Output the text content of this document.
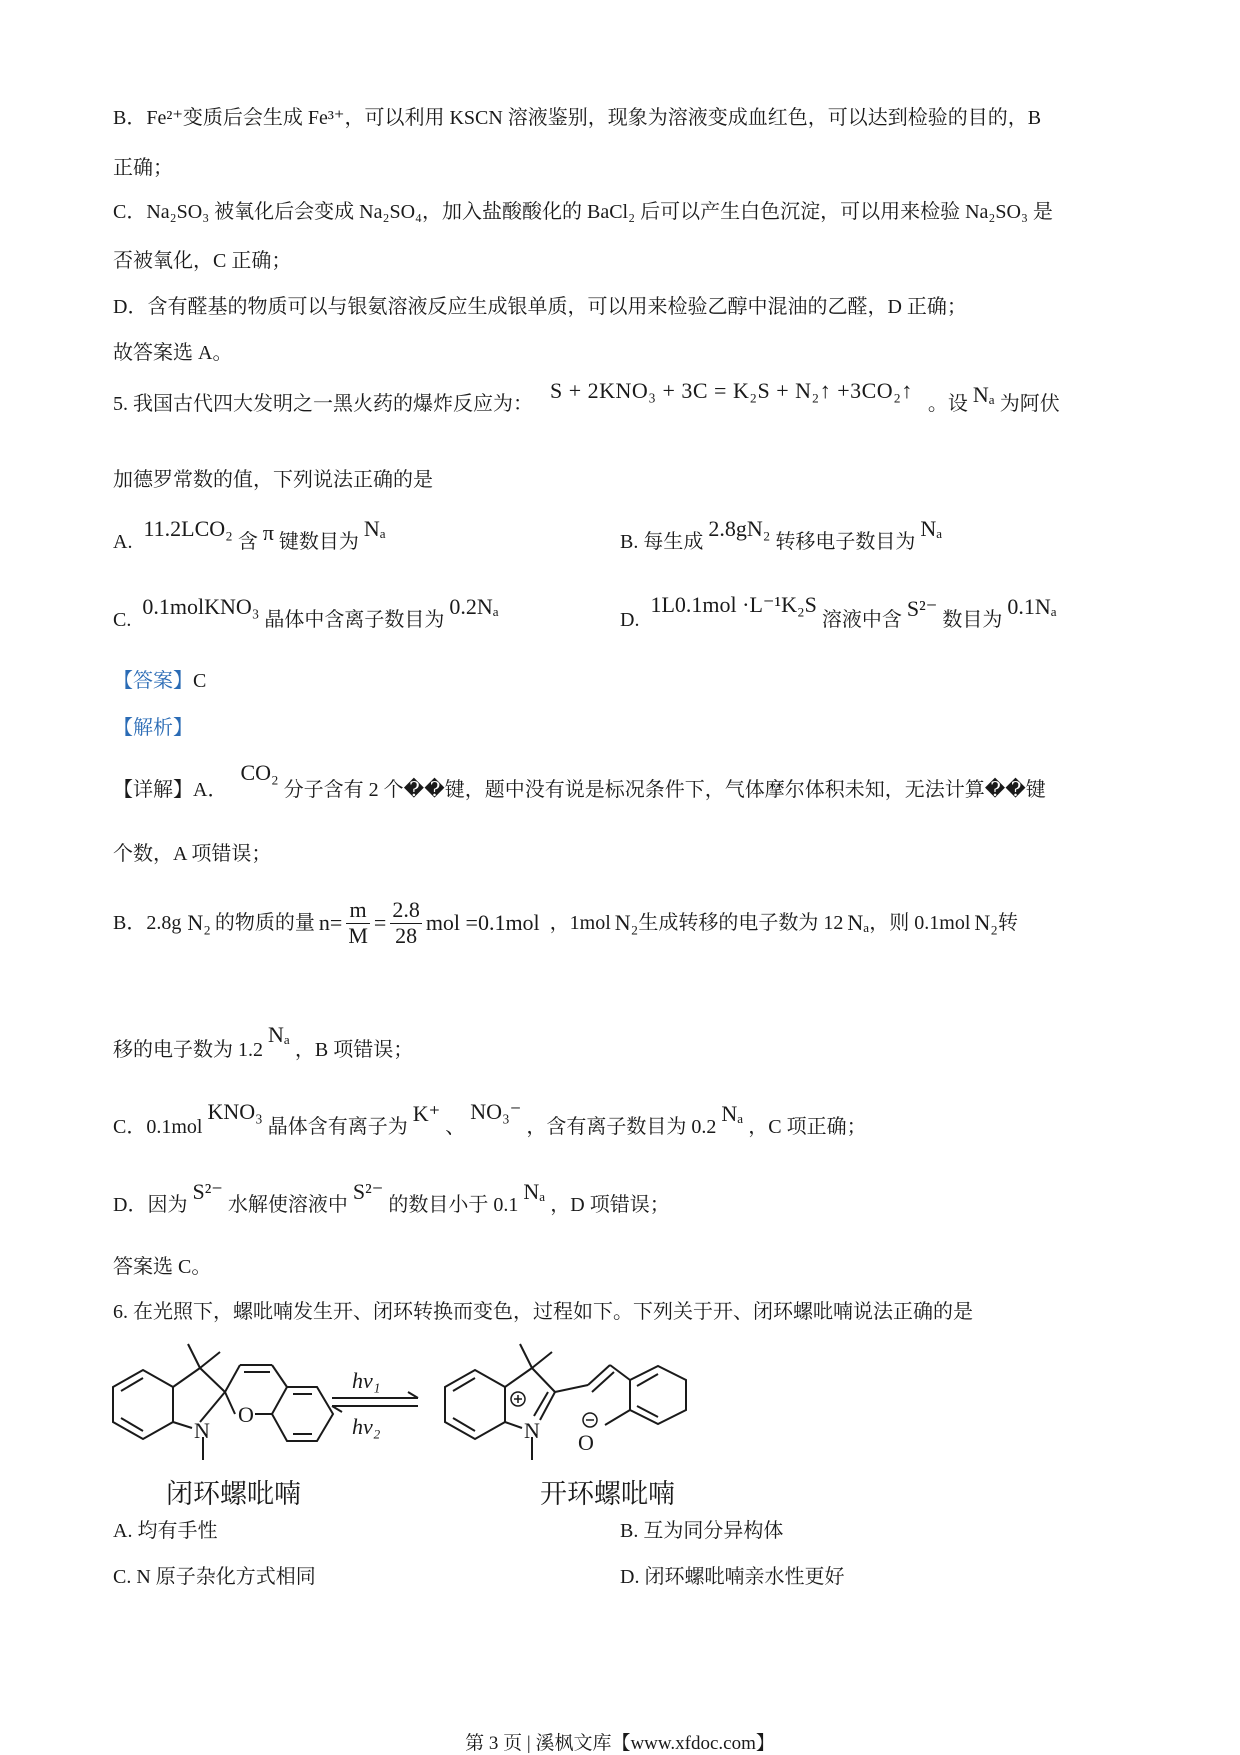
B．Fe²⁺变质后会生成 Fe³⁺，可以利用 KSCN 溶液鉴别，现象为溶液变成血红色，可以达到检验的目的，B
正确；
C．Na₂SO₃ 被氧化后会变成 Na₂SO₄，加入盐酸酸化的 BaCl₂ 后可以产生白色沉淀，可以用来检验 Na₂SO₃ 是
否被氧化，C 正确；
D．含有醛基的物质可以与银氨溶液反应生成银单质，可以用来检验乙醇中混油的乙醛，D 正确；
故答案选 A。
5. 我国古代四大发明之一黑火药的爆炸反应为： S + 2KNO₃ + 3C = K₂S + N₂↑ +3CO₂↑ 。设 Nₐ 为阿伏
加德罗常数的值，下列说法正确的是
A. 11.2LCO₂ 含 π 键数目为 Nₐ
B. 每生成 2.8gN₂ 转移电子数目为 Nₐ
C. 0.1molKNO₃ 晶体中含离子数目为 0.2Nₐ
D. 1L0.1mol ·L⁻¹K₂S 溶液中含 S²⁻ 数目为 0.1Nₐ
【答案】C
【解析】
【详解】A． CO₂ 分子含有 2 个��键，题中没有说是标况条件下，气体摩尔体积未知，无法计算��键
个数，A 项错误；
B．2.8g N₂ 的物质的量 $n= \frac{m}{M} = \frac{2.8}{28}$ mol =0.1mol ，1mol N₂ 生成转移的电子数为 12 Nₐ ，则 0.1mol N₂ 转
移的电子数为 1.2 Nₐ ，B 项错误；
C．0.1mol KNO₃ 晶体含有离子为 K⁺ 、 NO₃⁻ ，含有离子数目为 0.2 Nₐ ，C 项正确；
D．因为 S²⁻ 水解使溶液中 S²⁻ 的数目小于 0.1 Nₐ ，D 项错误；
答案选 C。
6. 在光照下，螺吡喃发生开、闭环转换而变色，过程如下。下列关于开、闭环螺吡喃说法正确的是
N
O
N O
hν₁
hν₂
闭环螺吡喃	开环螺吡喃
A. 均有手性	B. 互为同分异构体
C. N 原子杂化方式相同	D. 闭环螺吡喃亲水性更好
第 3 页 | 溪枫文库【www.xfdoc.com】
